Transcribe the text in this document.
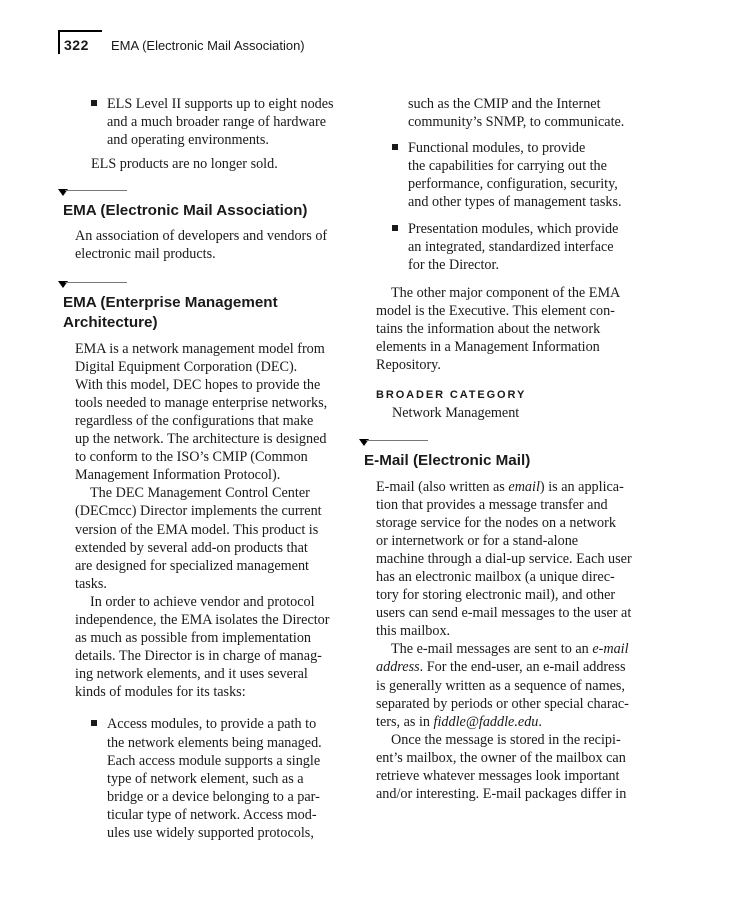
322 EMA (Electronic Mail Association)

ELS Level II supports up to eight nodes

and a much broader range of hardware

and operating environments.

ELS products are no longer sold.

EMA (Electronic Mail Association)

An association of developers and vendors of

electronic mail products.

EMA (Enterprise Management

Architecture)

EMA is a network management model from

Digital Equipment Corporation (DEC).

With this model, DEC hopes to provide the

tools needed to manage enterprise networks,

regardless of the configurations that make

up the network. The architecture is designed

to conform to the ISO’s CMIP (Common

Management Information Protocol).

The DEC Management Control Center

(DECmcc) Director implements the current

version of the EMA model. This product is

extended by several add-on products that

are designed for specialized management

tasks.

In order to achieve vendor and protocol

independence, the EMA isolates the Director

as much as possible from implementation

details. The Director is in charge of manag-

ing network elements, and it uses several

kinds of modules for its tasks:

Access modules, to provide a path to

the network elements being managed.

Each access module supports a single

type of network element, such as a

bridge or a device belonging to a par-

ticular type of network. Access mod-

ules use widely supported protocols,

such as the CMIP and the Internet

community’s SNMP, to communicate.

Functional modules, to provide

the capabilities for carrying out the

performance, configuration, security,

and other types of management tasks.

Presentation modules, which provide

an integrated, standardized interface

for the Director.

The other major component of the EMA

model is the Executive. This element con-

tains the information about the network

elements in a Management Information

Repository.

BROADER CATEGORY

Network Management

E-Mail (Electronic Mail)

E-mail (also written as email) is an applica-

tion that provides a message transfer and

storage service for the nodes on a network

or internetwork or for a stand-alone

machine through a dial-up service. Each user

has an electronic mailbox (a unique direc-

tory for storing electronic mail), and other

users can send e-mail messages to the user at

this mailbox.

The e-mail messages are sent to an e-mail

address. For the end-user, an e-mail address

is generally written as a sequence of names,

separated by periods or other special charac-

ters, as in fiddle@faddle.edu.

Once the message is stored in the recipi-

ent’s mailbox, the owner of the mailbox can

retrieve whatever messages look important

and/or interesting. E-mail packages differ in
